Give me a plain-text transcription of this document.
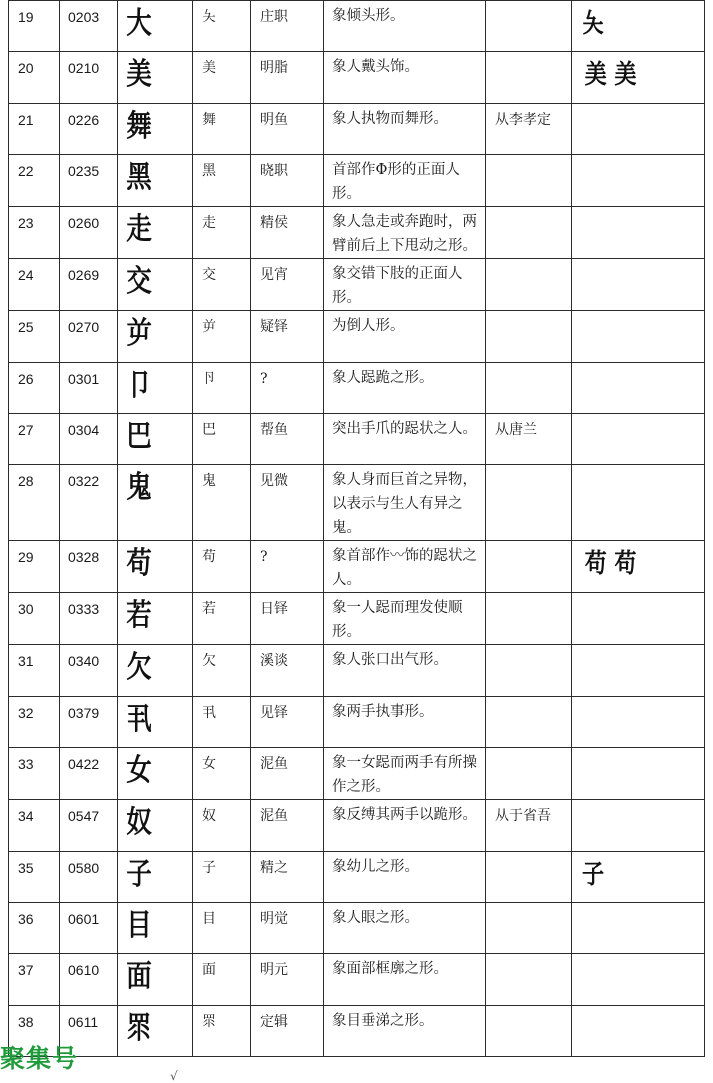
19	0203	大	夨	庄职	象倾头形。		夨
20	0210	美	美	明脂	象人戴头饰。		美 美
21	0226	舞	舞	明鱼	象人执物而舞形。	从李孝定	
22	0235	黑	黑	晓职	首部作Φ形的正面人形。		
23	0260	走	走	精侯	象人急走或奔跑时，两臂前后上下甩动之形。		
24	0269	交	交	见宵	象交错下肢的正面人形。		
25	0270	屰	屰	疑铎	为倒人形。		
26	0301	卩	卪	?	象人跽跪之形。		
27	0304	巴	巴	帮鱼	突出手爪的跽状之人。	从唐兰	
28	0322	鬼	鬼	见微	象人身而巨首之异物，以表示与生人有异之鬼。		
29	0328	苟	苟	?	象首部作〰饰的跽状之人。		苟 苟
30	0333	若	若	日铎	象一人跽而理发使顺形。		
31	0340	欠	欠	溪谈	象人张口出气形。		
32	0379	丮	丮	见铎	象两手执事形。		
33	0422	女	女	泥鱼	象一女跽而两手有所操作之形。		
34	0547	奴	奴	泥鱼	象反缚其两手以跪形。	从于省吾	
35	0580	子	子	精之	象幼儿之形。		子
36	0601	目	目	明觉	象人眼之形。		
37	0610	面	面	明元	象面部框廓之形。		
38	0611	眔	眔	定辑	象目垂涕之形。		
聚集号
√
